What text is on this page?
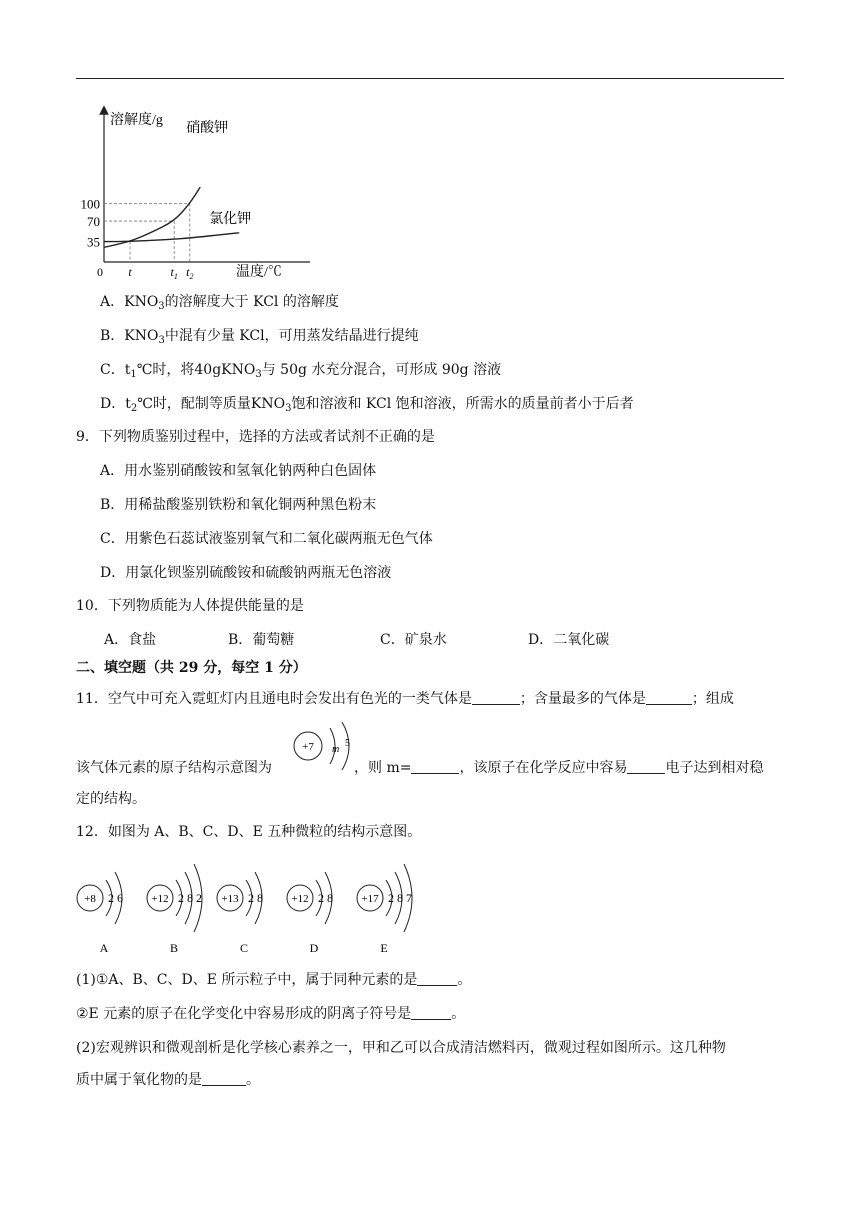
溶解度/g
温度/℃
100
70
35
0 t	$t_1$ $t_2$
硝酸钾
氯化钾
A．$KNO_3$的溶解度大于 KCl 的溶解度
B．$KNO_3$中混有少量 KCl，可用蒸发结晶进行提纯
C．$t_1℃$时，将40gKNO$_3$与 50g 水充分混合，可形成 90g 溶液
D．$t_2℃$时，配制等质量$KNO_3$饱和溶液和 KCl 饱和溶液，所需水的质量前者小于后者
9．下列物质鉴别过程中，选择的方法或者试剂不正确的是
A．用水鉴别硝酸铵和氢氧化钠两种白色固体
B．用稀盐酸鉴别铁粉和氧化铜两种黑色粉末
C．用紫色石蕊试液鉴别氧气和二氧化碳两瓶无色气体
D．用氯化钡鉴别硫酸铵和硫酸钠两瓶无色溶液
10．下列物质能为人体提供能量的是
A．食盐	B．葡萄糖	C．矿泉水	D．二氧化碳
二、填空题（共 29 分，每空 1 分）
11．空气中可充入霓虹灯内且通电时会发出有色光的一类气体是	；含量最多的气体是	；组成
+7 m
5
该气体元素的原子结构示意图为	，则 m=	，该原子在化学反应中容易	电子达到相对稳
定的结构。
12．如图为 A、B、C、D、E 五种微粒的结构示意图。
+8 2 6
A
+12 2 8 2
B
+13 2 8
C
+12 2 8
D
+17 2 8 7
E
(1)①A、B、C、D、E 所示粒子中，属于同种元素的是	。
②E 元素的原子在化学变化中容易形成的阴离子符号是	。
(2)宏观辨识和微观剖析是化学核心素养之一，甲和乙可以合成清洁燃料丙，微观过程如图所示。这几种物
质中属于氧化物的是	。
